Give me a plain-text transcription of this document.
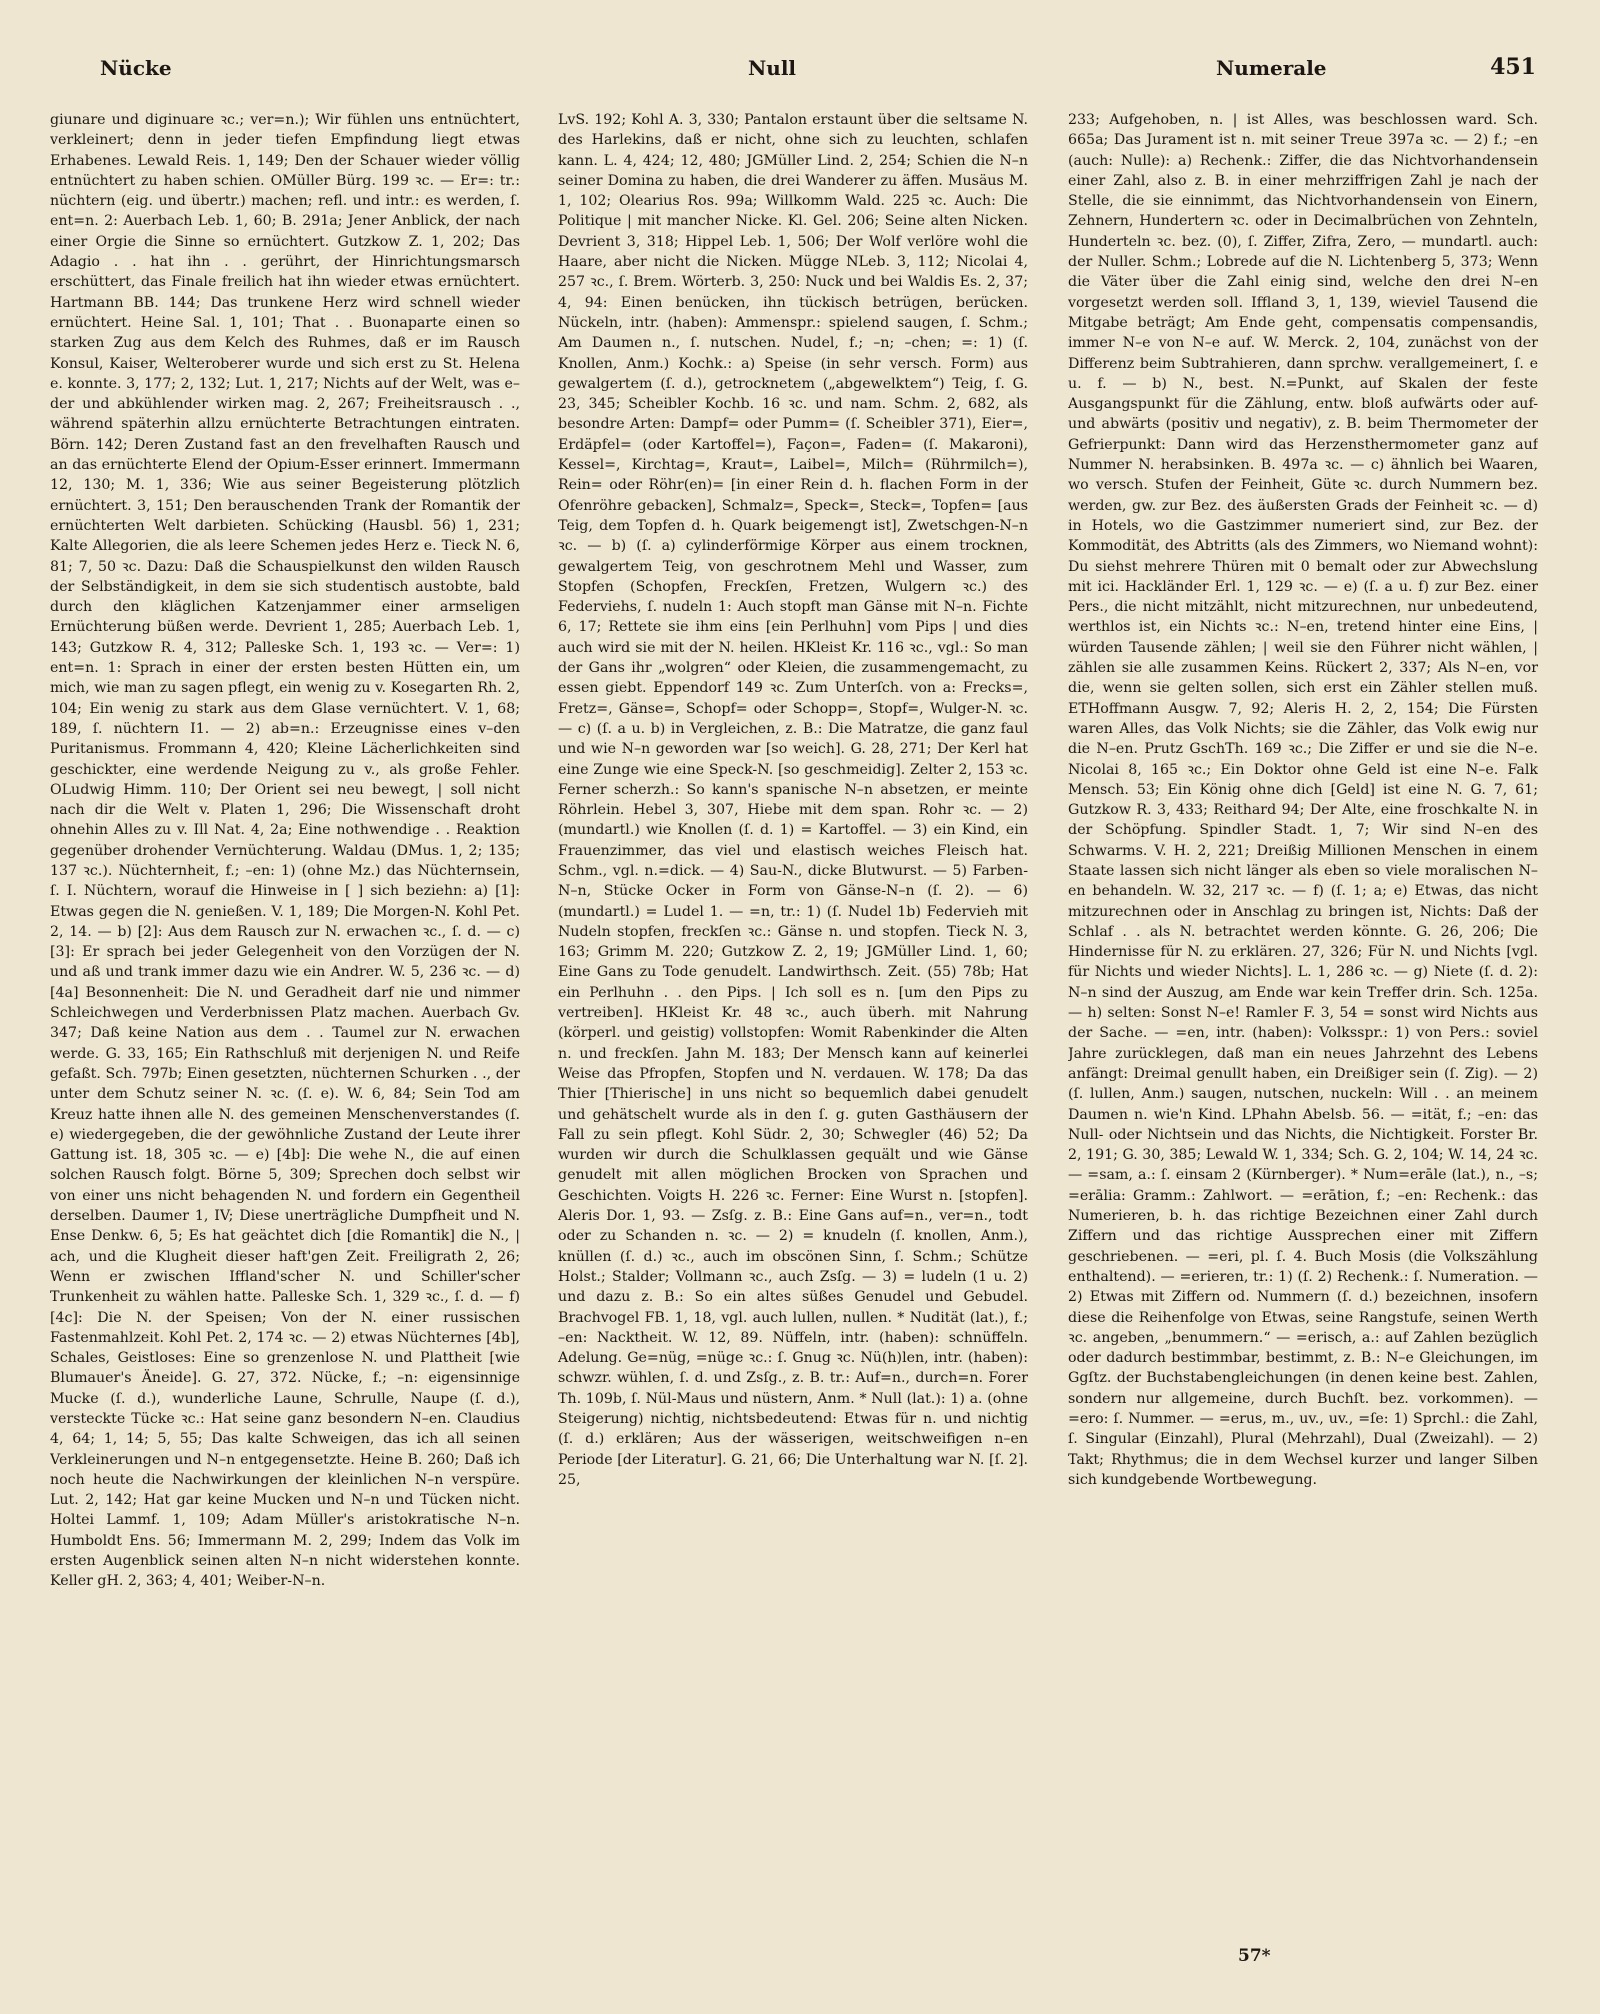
Nücke	Null	Numerale	451

giunare und diginuare ꝛc.; ver=n.); Wir fühlen uns entnüchtert, verkleinert; denn in jeder tiefen Empfindung liegt etwas Erhabenes. Lewald Reis. 1, 149; Den der Schauer wieder völlig entnüchtert zu haben schien. OMüller Bürg. 199 ꝛc. — Er=: tr.: nüchtern (eig. und übertr.) machen; refl. und intr.: es werden, ſ. ent=n. 2: Auerbach Leb. 1, 60; B. 291a; Jener Anblick, der nach einer Orgie die Sinne so ernüchtert. Gutzkow Z. 1, 202; Das Adagio . . hat ihn . . gerührt, der Hinrichtungsmarsch erschüttert, das Finale freilich hat ihn wieder etwas ernüchtert. Hartmann BB. 144; Das trunkene Herz wird schnell wieder ernüchtert. Heine Sal. 1, 101; That . . Buonaparte einen so starken Zug aus dem Kelch des Ruhmes, daß er im Rausch Konsul, Kaiser, Welteroberer wurde und sich erst zu St. Helena e. konnte. 3, 177; 2, 132; Lut. 1, 217; Nichts auf der Welt, was e–der und abkühlender wirken mag. 2, 267; Freiheitsrausch . ., während späterhin allzu ernüchterte Betrachtungen eintraten. Börn. 142; Deren Zustand fast an den frevelhaften Rausch und an das ernüchterte Elend der Opium-Esser erinnert. Immermann 12, 130; M. 1, 336; Wie aus seiner Begeisterung plötzlich ernüchtert. 3, 151; Den berauschenden Trank der Romantik der ernüchterten Welt darbieten. Schücking (Hausbl. 56) 1, 231; Kalte Allegorien, die als leere Schemen jedes Herz e. Tieck N. 6, 81; 7, 50 ꝛc. Dazu: Daß die Schauspielkunst den wilden Rausch der Selbständigkeit, in dem sie sich studentisch austobte, bald durch den kläglichen Katzenjammer einer armseligen Ernüchterung büßen werde. Devrient 1, 285; Auerbach Leb. 1, 143; Gutzkow R. 4, 312; Palleske Sch. 1, 193 ꝛc. — Ver=: 1) ent=n. 1: Sprach in einer der ersten besten Hütten ein, um mich, wie man zu sagen pflegt, ein wenig zu v. Kosegarten Rh. 2, 104; Ein wenig zu stark aus dem Glase vernüchtert. V. 1, 68; 189, ſ. nüchtern I1. — 2) ab=n.: Erzeugnisse eines v–den Puritanismus. Frommann 4, 420; Kleine Lächerlichkeiten sind geschickter, eine werdende Neigung zu v., als große Fehler. OLudwig Himm. 110; Der Orient sei neu bewegt, | soll nicht nach dir die Welt v. Platen 1, 296; Die Wissenschaft droht ohnehin Alles zu v. Ill Nat. 4, 2a; Eine nothwendige . . Reaktion gegenüber drohender Vernüchterung. Waldau (DMus. 1, 2; 135; 137 ꝛc.). Nüchternheit, f.; –en: 1) (ohne Mz.) das Nüchternsein, ſ. I. Nüchtern, worauf die Hinweise in [ ] sich beziehn: a) [1]: Etwas gegen die N. genießen. V. 1, 189; Die Morgen-N. Kohl Pet. 2, 14. — b) [2]: Aus dem Rausch zur N. erwachen ꝛc., ſ. d. — c) [3]: Er sprach bei jeder Gelegenheit von den Vorzügen der N. und aß und trank immer dazu wie ein Andrer. W. 5, 236 ꝛc. — d) [4a] Besonnenheit: Die N. und Geradheit darf nie und nimmer Schleichwegen und Verderbnissen Platz machen. Auerbach Gv. 347; Daß keine Nation aus dem . . Taumel zur N. erwachen werde. G. 33, 165; Ein Rathschluß mit derjenigen N. und Reife gefaßt. Sch. 797b; Einen gesetzten, nüchternen Schurken . ., der unter dem Schutz seiner N. ꝛc. (ſ. e). W. 6, 84; Sein Tod am Kreuz hatte ihnen alle N. des gemeinen Menschenverstandes (ſ. e) wiedergegeben, die der gewöhnliche Zustand der Leute ihrer Gattung ist. 18, 305 ꝛc. — e) [4b]: Die wehe N., die auf einen solchen Rausch folgt. Börne 5, 309; Sprechen doch selbst wir von einer uns nicht behagenden N. und fordern ein Gegentheil derselben. Daumer 1, IV; Diese unerträgliche Dumpfheit und N. Ense Denkw. 6, 5; Es hat geächtet dich [die Romantik] die N., | ach, und die Klugheit dieser haft'gen Zeit. Freiligrath 2, 26; Wenn er zwischen Iffland'scher N. und Schiller'scher Trunkenheit zu wählen hatte. Palleske Sch. 1, 329 ꝛc., ſ. d. — f) [4c]: Die N. der Speisen; Von der N. einer russischen Fastenmahlzeit. Kohl Pet. 2, 174 ꝛc. — 2) etwas Nüchternes [4b], Schales, Geistloses: Eine so grenzenlose N. und Plattheit [wie Blumauer's Äneide]. G. 27, 372. Nücke, f.; –n: eigensinnige Mucke (ſ. d.), wunderliche Laune, Schrulle, Naupe (ſ. d.), versteckte Tücke ꝛc.: Hat seine ganz besondern N–en. Claudius 4, 64; 1, 14; 5, 55; Das kalte Schweigen, das ich all seinen Verkleinerungen und N–n entgegensetzte. Heine B. 260; Daß ich noch heute die Nachwirkungen der kleinlichen N–n verspüre. Lut. 2, 142; Hat gar keine Mucken und N–n und Tücken nicht. Holtei Lammf. 1, 109; Adam Müller's aristokratische N–n. Humboldt Ens. 56; Immermann M. 2, 299; Indem das Volk im ersten Augenblick seinen alten N–n nicht widerstehen konnte. Keller gH. 2, 363; 4, 401; Weiber-N–n.

LvS. 192; Kohl A. 3, 330; Pantalon erstaunt über die seltsame N. des Harlekins, daß er nicht, ohne sich zu leuchten, schlafen kann. L. 4, 424; 12, 480; JGMüller Lind. 2, 254; Schien die N–n seiner Domina zu haben, die drei Wanderer zu äffen. Musäus M. 1, 102; Olearius Ros. 99a; Willkomm Wald. 225 ꝛc. Auch: Die Politique | mit mancher Nicke. Kl. Gel. 206; Seine alten Nicken. Devrient 3, 318; Hippel Leb. 1, 506; Der Wolf verlöre wohl die Haare, aber nicht die Nicken. Mügge NLeb. 3, 112; Nicolai 4, 257 ꝛc., ſ. Brem. Wörterb. 3, 250: Nuck und bei Waldis Es. 2, 37; 4, 94: Einen benücken, ihn tückisch betrügen, berücken. Nückeln, intr. (haben): Ammenspr.: spielend saugen, ſ. Schm.; Am Daumen n., ſ. nutschen. Nudel, f.; –n; –chen; =: 1) (ſ. Knollen, Anm.) Kochk.: a) Speise (in sehr versch. Form) aus gewalgertem (ſ. d.), getrocknetem („abgewelktem“) Teig, ſ. G. 23, 345; Scheibler Kochb. 16 ꝛc. und nam. Schm. 2, 682, als besondre Arten: Dampf= oder Pumm= (ſ. Scheibler 371), Eier=, Erdäpfel= (oder Kartoffel=), Façon=, Faden= (ſ. Makaroni), Kessel=, Kirchtag=, Kraut=, Laibel=, Milch= (Rührmilch=), Rein= oder Röhr(en)= [in einer Rein d. h. flachen Form in der Ofenröhre gebacken], Schmalz=, Speck=, Steck=, Topfen= [aus Teig, dem Topfen d. h. Quark beigemengt ist], Zwetschgen-N–n ꝛc. — b) (ſ. a) cylinderförmige Körper aus einem trocknen, gewalgertem Teig, von geschrotnem Mehl und Wasser, zum Stopfen (Schopfen, Freckſen, Fretzen, Wulgern ꝛc.) des Federviehs, ſ. nudeln 1: Auch stopft man Gänse mit N–n. Fichte 6, 17; Rettete sie ihm eins [ein Perlhuhn] vom Pips | und dies auch wird sie mit der N. heilen. HKleist Kr. 116 ꝛc., vgl.: So man der Gans ihr „wolgren“ oder Kleien, die zusammengemacht, zu essen giebt. Eppendorf 149 ꝛc. Zum Unterſch. von a: Frecks=, Fretz=, Gänse=, Schopf= oder Schopp=, Stopf=, Wulger-N. ꝛc. — c) (ſ. a u. b) in Vergleichen, z. B.: Die Matratze, die ganz faul und wie N–n geworden war [so weich]. G. 28, 271; Der Kerl hat eine Zunge wie eine Speck-N. [so geschmeidig]. Zelter 2, 153 ꝛc. Ferner scherzh.: So kann's spanische N–n absetzen, er meinte Röhrlein. Hebel 3, 307, Hiebe mit dem span. Rohr ꝛc. — 2) (mundartl.) wie Knollen (ſ. d. 1) = Kartoffel. — 3) ein Kind, ein Frauenzimmer, das viel und elastisch weiches Fleisch hat. Schm., vgl. n.=dick. — 4) Sau-N., dicke Blutwurst. — 5) Farben-N–n, Stücke Ocker in Form von Gänse-N–n (ſ. 2). — 6) (mundartl.) = Ludel 1. — =n, tr.: 1) (ſ. Nudel 1b) Federvieh mit Nudeln stopfen, freckſen ꝛc.: Gänse n. und stopfen. Tieck N. 3, 163; Grimm M. 220; Gutzkow Z. 2, 19; JGMüller Lind. 1, 60; Eine Gans zu Tode genudelt. Landwirthsch. Zeit. (55) 78b; Hat ein Perlhuhn . . den Pips. | Ich soll es n. [um den Pips zu vertreiben]. HKleist Kr. 48 ꝛc., auch überh. mit Nahrung (körperl. und geistig) vollstopfen: Womit Rabenkinder die Alten n. und freckſen. Jahn M. 183; Der Mensch kann auf keinerlei Weise das Pfropfen, Stopfen und N. verdauen. W. 178; Da das Thier [Thierische] in uns nicht so bequemlich dabei genudelt und gehätschelt wurde als in den ſ. g. guten Gasthäusern der Fall zu sein pflegt. Kohl Südr. 2, 30; Schwegler (46) 52; Da wurden wir durch die Schulklassen gequält und wie Gänse genudelt mit allen möglichen Brocken von Sprachen und Geschichten. Voigts H. 226 ꝛc. Ferner: Eine Wurst n. [stopfen]. Aleris Dor. 1, 93. — Zsſg. z. B.: Eine Gans auf=n., ver=n., todt oder zu Schanden n. ꝛc. — 2) = knudeln (ſ. knollen, Anm.), knüllen (ſ. d.) ꝛc., auch im obscönen Sinn, ſ. Schm.; Schütze Holst.; Stalder; Vollmann ꝛc., auch Zsſg. — 3) = ludeln (1 u. 2) und dazu z. B.: So ein altes süßes Genudel und Gebudel. Brachvogel FB. 1, 18, vgl. auch lullen, nullen. * Nudität (lat.), f.; –en: Nacktheit. W. 12, 89. Nüffeln, intr. (haben): schnüffeln. Adelung. Ge=nüg, =nüge ꝛc.: ſ. Gnug ꝛc. Nü(h)len, intr. (haben): schwzr. wühlen, ſ. d. und Zsſg., z. B. tr.: Auf=n., durch=n. Forer Th. 109b, ſ. Nül-Maus und nüstern, Anm. * Null (lat.): 1) a. (ohne Steigerung) nichtig, nichtsbedeutend: Etwas für n. und nichtig (ſ. d.) erklären; Aus der wässerigen, weitschweifigen n–en Periode [der Literatur]. G. 21, 66; Die Unterhaltung war N. [ſ. 2]. 25,

233; Aufgehoben, n. | ist Alles, was beschlossen ward. Sch. 665a; Das Jurament ist n. mit seiner Treue 397a ꝛc. — 2) f.; –en (auch: Nulle): a) Rechenk.: Ziffer, die das Nichtvorhandensein einer Zahl, also z. B. in einer mehrziffrigen Zahl je nach der Stelle, die sie einnimmt, das Nichtvorhandensein von Einern, Zehnern, Hundertern ꝛc. oder in Decimalbrüchen von Zehnteln, Hunderteln ꝛc. bez. (0), ſ. Ziffer, Zifra, Zero, — mundartl. auch: der Nuller. Schm.; Lobrede auf die N. Lichtenberg 5, 373; Wenn die Väter über die Zahl einig sind, welche den drei N–en vorgesetzt werden soll. Iffland 3, 1, 139, wieviel Tausend die Mitgabe beträgt; Am Ende geht, compensatis compensandis, immer N–e von N–e auf. W. Merck. 2, 104, zunächst von der Differenz beim Subtrahieren, dann sprchw. verallgemeinert, ſ. e u. f. — b) N., best. N.=Punkt, auf Skalen der feste Ausgangspunkt für die Zählung, entw. bloß aufwärts oder auf- und abwärts (positiv und negativ), z. B. beim Thermometer der Gefrierpunkt: Dann wird das Herzensthermometer ganz auf Nummer N. herabsinken. B. 497a ꝛc. — c) ähnlich bei Waaren, wo versch. Stufen der Feinheit, Güte ꝛc. durch Nummern bez. werden, gw. zur Bez. des äußersten Grads der Feinheit ꝛc. — d) in Hotels, wo die Gastzimmer numeriert sind, zur Bez. der Kommodität, des Abtritts (als des Zimmers, wo Niemand wohnt): Du siehst mehrere Thüren mit 0 bemalt oder zur Abwechslung mit ici. Hackländer Erl. 1, 129 ꝛc. — e) (ſ. a u. f) zur Bez. einer Pers., die nicht mitzählt, nicht mitzurechnen, nur unbedeutend, werthlos ist, ein Nichts ꝛc.: N–en, tretend hinter eine Eins, | würden Tausende zählen; | weil sie den Führer nicht wählen, | zählen sie alle zusammen Keins. Rückert 2, 337; Als N–en, vor die, wenn sie gelten sollen, sich erst ein Zähler stellen muß. ETHoffmann Ausgw. 7, 92; Aleris H. 2, 2, 154; Die Fürsten waren Alles, das Volk Nichts; sie die Zähler, das Volk ewig nur die N–en. Prutz GschTh. 169 ꝛc.; Die Ziffer er und sie die N–e. Nicolai 8, 165 ꝛc.; Ein Doktor ohne Geld ist eine N–e. Falk Mensch. 53; Ein König ohne dich [Geld] ist eine N. G. 7, 61; Gutzkow R. 3, 433; Reithard 94; Der Alte, eine froschkalte N. in der Schöpfung. Spindler Stadt. 1, 7; Wir sind N–en des Schwarms. V. H. 2, 221; Dreißig Millionen Menschen in einem Staate lassen sich nicht länger als eben so viele moralischen N–en behandeln. W. 32, 217 ꝛc. — f) (ſ. 1; a; e) Etwas, das nicht mitzurechnen oder in Anschlag zu bringen ist, Nichts: Daß der Schlaf . . als N. betrachtet werden könnte. G. 26, 206; Die Hindernisse für N. zu erklären. 27, 326; Für N. und Nichts [vgl. für Nichts und wieder Nichts]. L. 1, 286 ꝛc. — g) Niete (ſ. d. 2): N–n sind der Auszug, am Ende war kein Treffer drin. Sch. 125a. — h) selten: Sonst N–e! Ramler F. 3, 54 = sonst wird Nichts aus der Sache. — =en, intr. (haben): Volksspr.: 1) von Pers.: soviel Jahre zurücklegen, daß man ein neues Jahrzehnt des Lebens anfängt: Dreimal genullt haben, ein Dreißiger sein (ſ. Zig). — 2) (ſ. lullen, Anm.) saugen, nutschen, nuckeln: Will . . an meinem Daumen n. wie'n Kind. LPhahn Abelsb. 56. — =ität, f.; –en: das Null- oder Nichtsein und das Nichts, die Nichtigkeit. Forster Br. 2, 191; G. 30, 385; Lewald W. 1, 334; Sch. G. 2, 104; W. 14, 24 ꝛc. — =sam, a.: ſ. einsam 2 (Kürnberger). * Num=erāle (lat.), n., –s; =erālia: Gramm.: Zahlwort. — =erātion, f.; –en: Rechenk.: das Numerieren, b. h. das richtige Bezeichnen einer Zahl durch Ziffern und das richtige Aussprechen einer mit Ziffern geschriebenen. — =eri, pl. ſ. 4. Buch Mosis (die Volkszählung enthaltend). — =erieren, tr.: 1) (ſ. 2) Rechenk.: ſ. Numeration. — 2) Etwas mit Ziffern od. Nummern (ſ. d.) bezeichnen, insofern diese die Reihenfolge von Etwas, seine Rangstufe, seinen Werth ꝛc. angeben, „benummern.“ — =erisch, a.: auf Zahlen bezüglich oder dadurch bestimmbar, bestimmt, z. B.: N–e Gleichungen, im Ggſtz. der Buchstabengleichungen (in denen keine best. Zahlen, sondern nur allgemeine, durch Buchſt. bez. vorkommen). — =ero: ſ. Nummer. — =erus, m., uv., uv., =ſe: 1) Sprchl.: die Zahl, ſ. Singular (Einzahl), Plural (Mehrzahl), Dual (Zweizahl). — 2) Takt; Rhythmus; die in dem Wechsel kurzer und langer Silben sich kundgebende Wortbewegung.

57*
